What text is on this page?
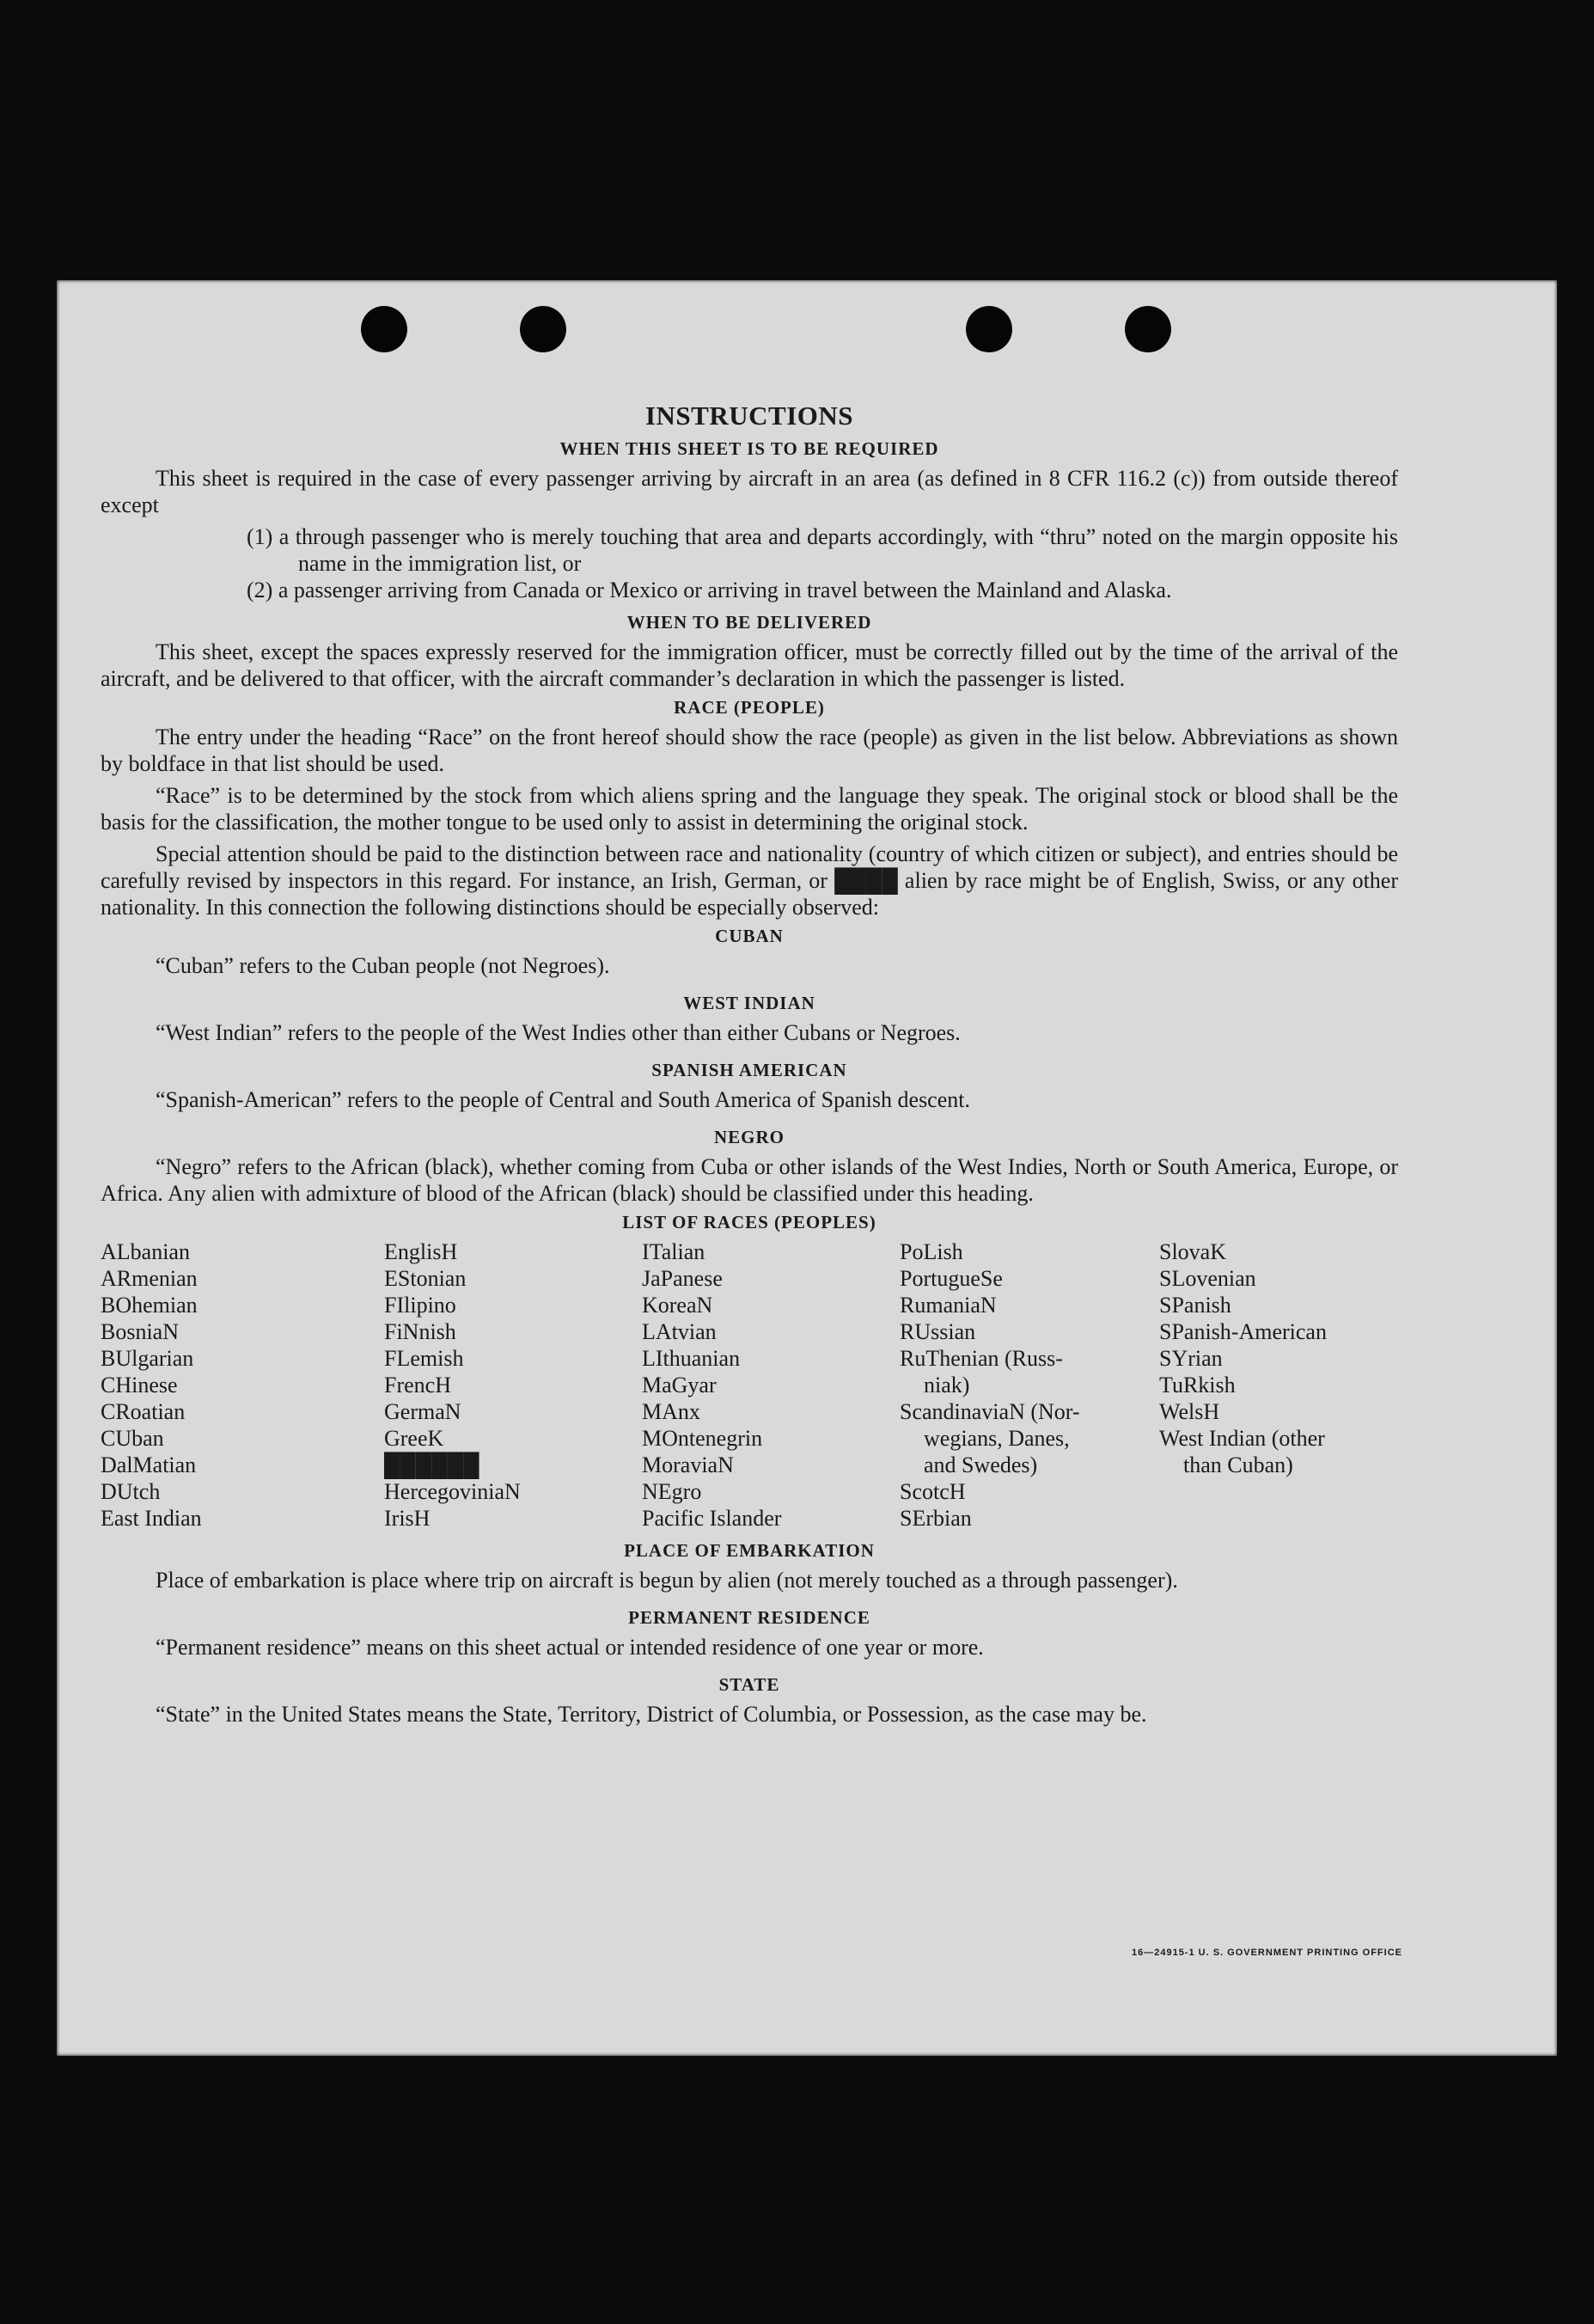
INSTRUCTIONS
WHEN THIS SHEET IS TO BE REQUIRED

This sheet is required in the case of every passenger arriving by aircraft in an area (as defined in 8 CFR 116.2 (c)) from outside thereof except

(1) a through passenger who is merely touching that area and departs accordingly, with “thru” noted on the margin opposite his name in the immigration list, or

(2) a passenger arriving from Canada or Mexico or arriving in travel between the Mainland and Alaska.

WHEN TO BE DELIVERED

This sheet, except the spaces expressly reserved for the immigration officer, must be correctly filled out by the time of the arrival of the aircraft, and be delivered to that officer, with the aircraft commander’s declaration in which the passenger is listed.

RACE (PEOPLE)

The entry under the heading “Race” on the front hereof should show the race (people) as given in the list below. Abbreviations as shown by boldface in that list should be used.

“Race” is to be determined by the stock from which aliens spring and the language they speak. The original stock or blood shall be the basis for the classification, the mother tongue to be used only to assist in determining the original stock.

Special attention should be paid to the distinction between race and nationality (country of which citizen or subject), and entries should be carefully revised by inspectors in this regard. For instance, an Irish, German, or ████ alien by race might be of English, Swiss, or any other nationality. In this connection the following distinctions should be especially observed:

CUBAN

“Cuban” refers to the Cuban people (not Negroes).

WEST INDIAN

“West Indian” refers to the people of the West Indies other than either Cubans or Negroes.

SPANISH AMERICAN

“Spanish-American” refers to the people of Central and South America of Spanish descent.

NEGRO

“Negro” refers to the African (black), whether coming from Cuba or other islands of the West Indies, North or South America, Europe, or Africa. Any alien with admixture of blood of the African (black) should be classified under this heading.

LIST OF RACES (PEOPLES)
ALbanian
ARmenian
BOhemian
BosniaN
BUlgarian
CHinese
CRoatian
CUban
DalMatian
DUtch
East Indian
EnglisH
EStonian
FIlipino
FiNnish
FLemish
FrencH
GermaN
GreeK
██████
HercegoviniaN
IrisH
ITalian
JaPanese
KoreaN
LAtvian
LIthuanian
MaGyar
MAnx
MOntenegrin
MoraviaN
NEgro
Pacific Islander
PoLish
PortugueSe
RumaniaN
RUssian
RuThenian (Russ-
niak)
ScandinaviaN (Nor-
wegians, Danes,
and Swedes)
ScotcH
SErbian
SlovaK
SLovenian
SPanish
SPanish-American
SYrian
TuRkish
WelsH
West Indian (other
than Cuban)
PLACE OF EMBARKATION

Place of embarkation is place where trip on aircraft is begun by alien (not merely touched as a through passenger).

PERMANENT RESIDENCE

“Permanent residence” means on this sheet actual or intended residence of one year or more.

STATE

“State” in the United States means the State, Territory, District of Columbia, or Possession, as the case may be.

16—24915-1 U. S. GOVERNMENT PRINTING OFFICE
